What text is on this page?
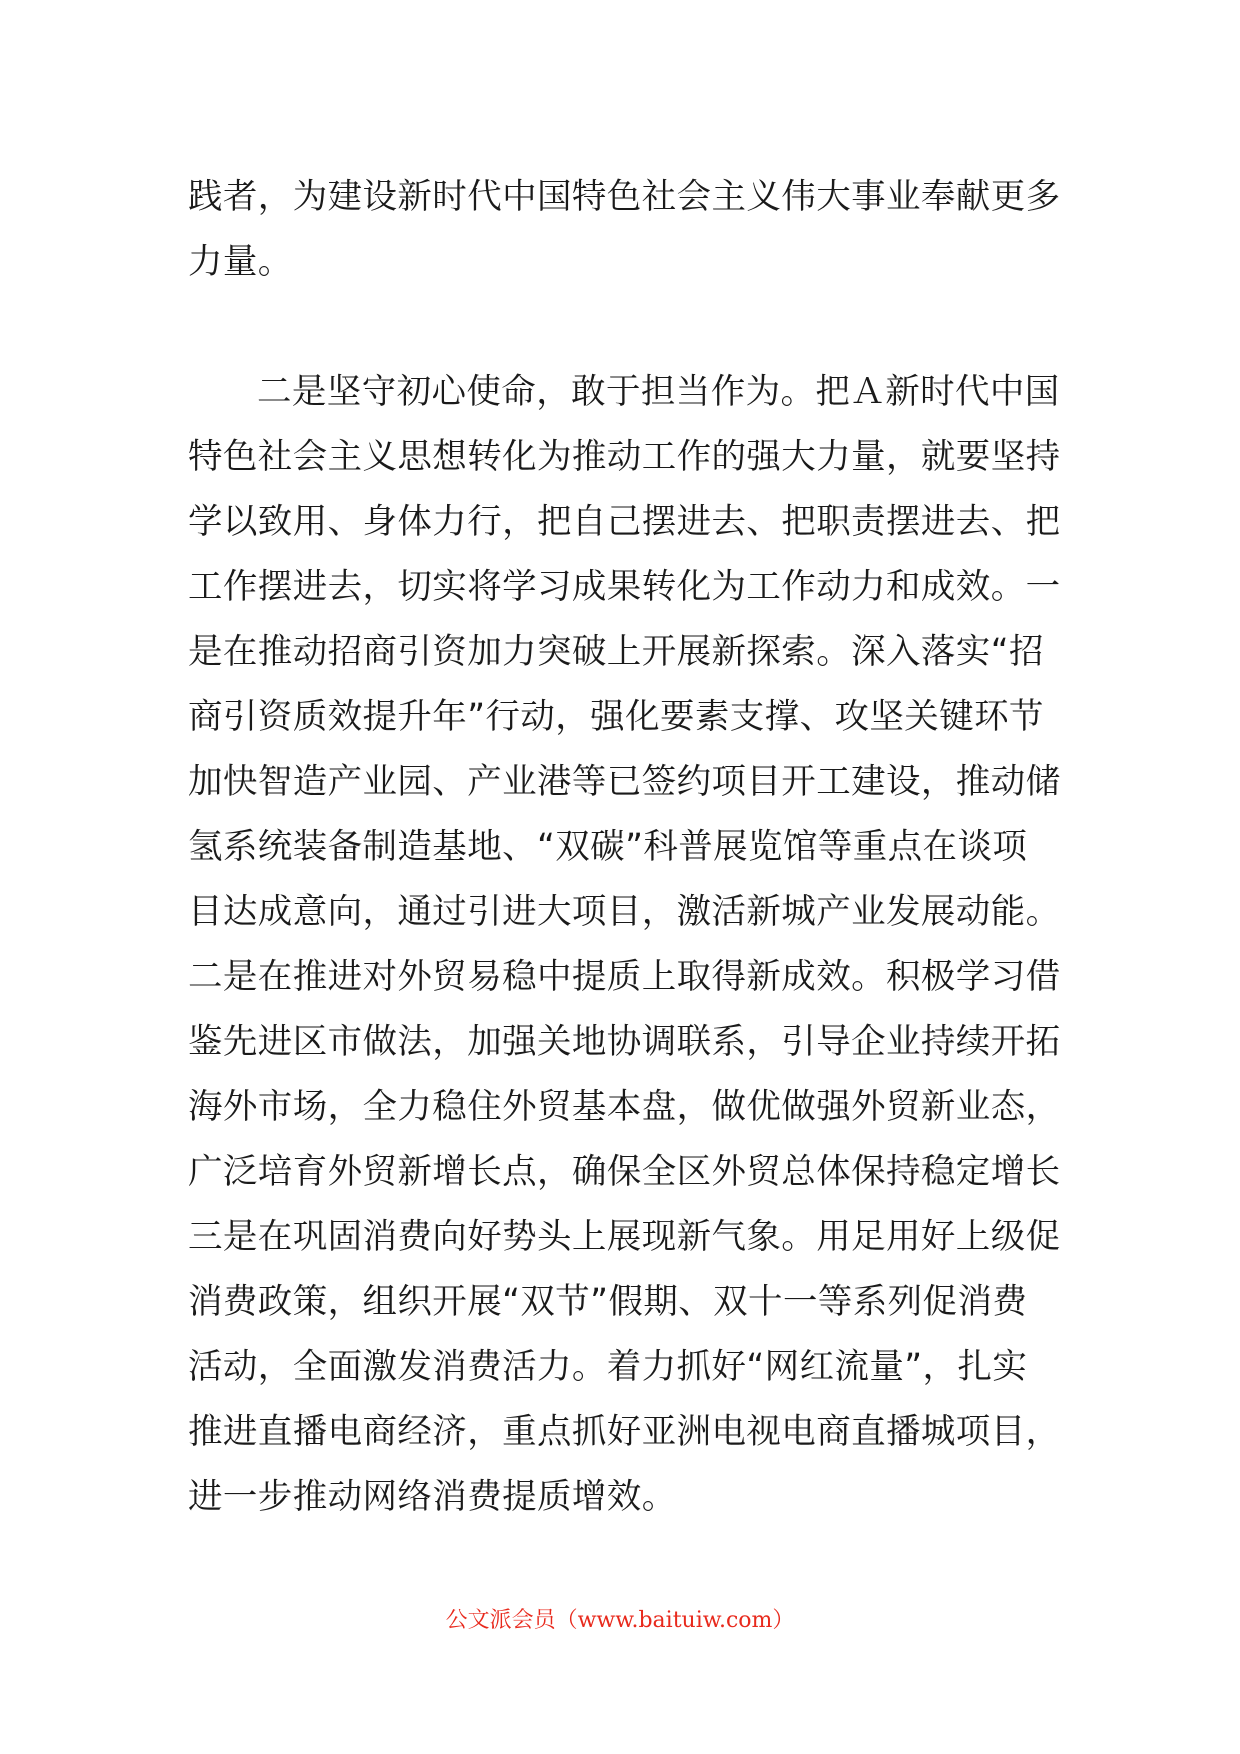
践者，为建设新时代中国特色社会主义伟大事业奉献更多
力量。
二是坚守初心使命，敢于担当作为。把Ａ新时代中国
特色社会主义思想转化为推动工作的强大力量，就要坚持
学以致用、身体力行，把自己摆进去、把职责摆进去、把
工作摆进去，切实将学习成果转化为工作动力和成效。一
是在推动招商引资加力突破上开展新探索。深入落实“招
商引资质效提升年”行动，强化要素支撑、攻坚关键环节
加快智造产业园、产业港等已签约项目开工建设，推动储
氢系统装备制造基地、“双碳”科普展览馆等重点在谈项
目达成意向，通过引进大项目，激活新城产业发展动能。
二是在推进对外贸易稳中提质上取得新成效。积极学习借
鉴先进区市做法，加强关地协调联系，引导企业持续开拓
海外市场，全力稳住外贸基本盘，做优做强外贸新业态，
广泛培育外贸新增长点，确保全区外贸总体保持稳定增长
三是在巩固消费向好势头上展现新气象。用足用好上级促
消费政策，组织开展“双节”假期、双十一等系列促消费
活动，全面激发消费活力。着力抓好“网红流量”，扎实
推进直播电商经济，重点抓好亚洲电视电商直播城项目，
进一步推动网络消费提质增效。
公文派会员（www.baituiw.com）
